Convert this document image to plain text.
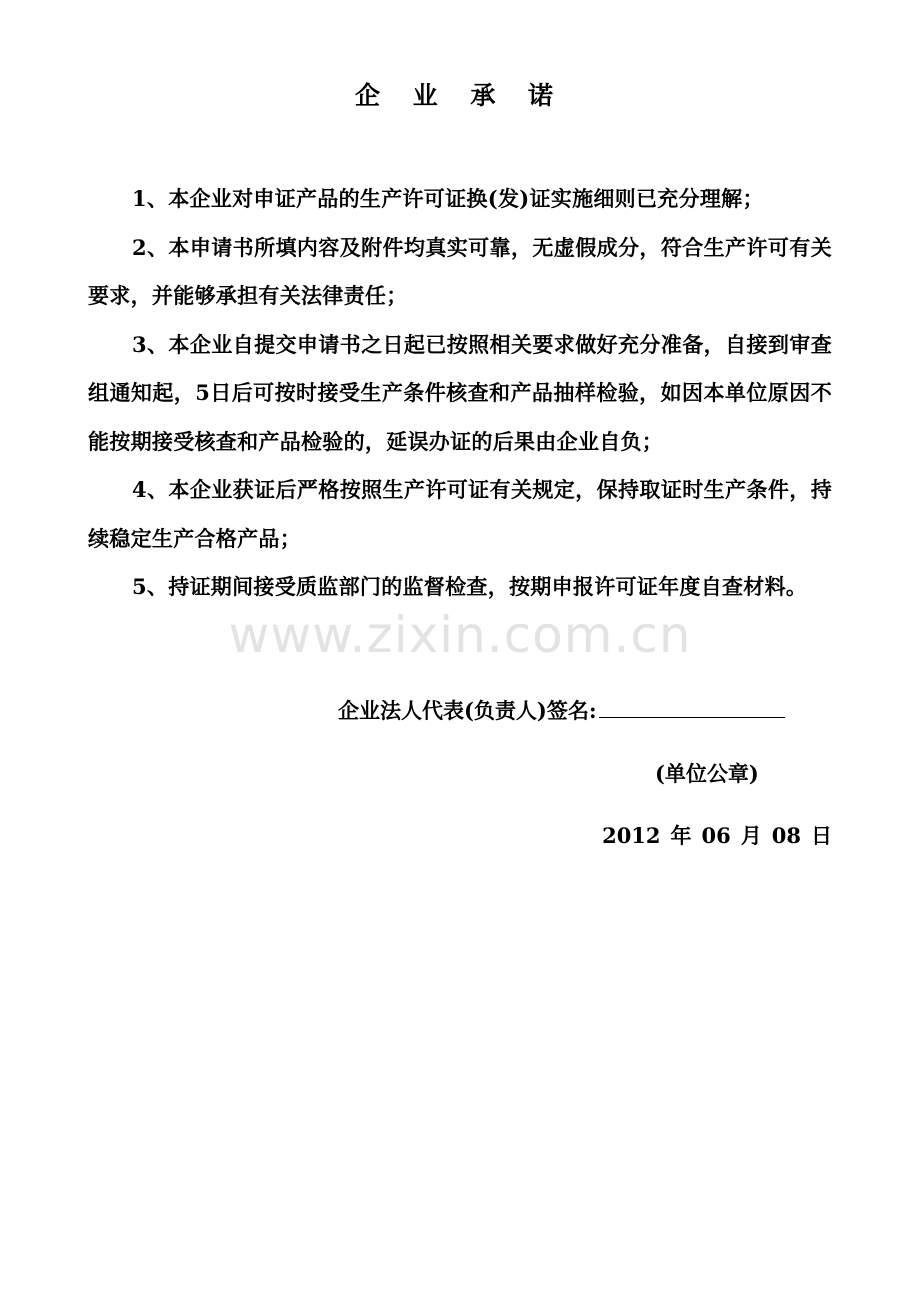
企 业 承 诺

1、本企业对申证产品的生产许可证换(发)证实施细则已充分理解；

2、本申请书所填内容及附件均真实可靠，无虚假成分，符合生产许可有关要求，并能够承担有关法律责任；

3、本企业自提交申请书之日起已按照相关要求做好充分准备，自接到审查组通知起，5日后可按时接受生产条件核查和产品抽样检验，如因本单位原因不能按期接受核查和产品检验的，延误办证的后果由企业自负；

4、本企业获证后严格按照生产许可证有关规定，保持取证时生产条件，持续稳定生产合格产品；

5、持证期间接受质监部门的监督检查，按期申报许可证年度自查材料。

www.zixin.com.cn
企业法人代表(负责人)签名:
(单位公章)
2012 年 06 月 08 日
